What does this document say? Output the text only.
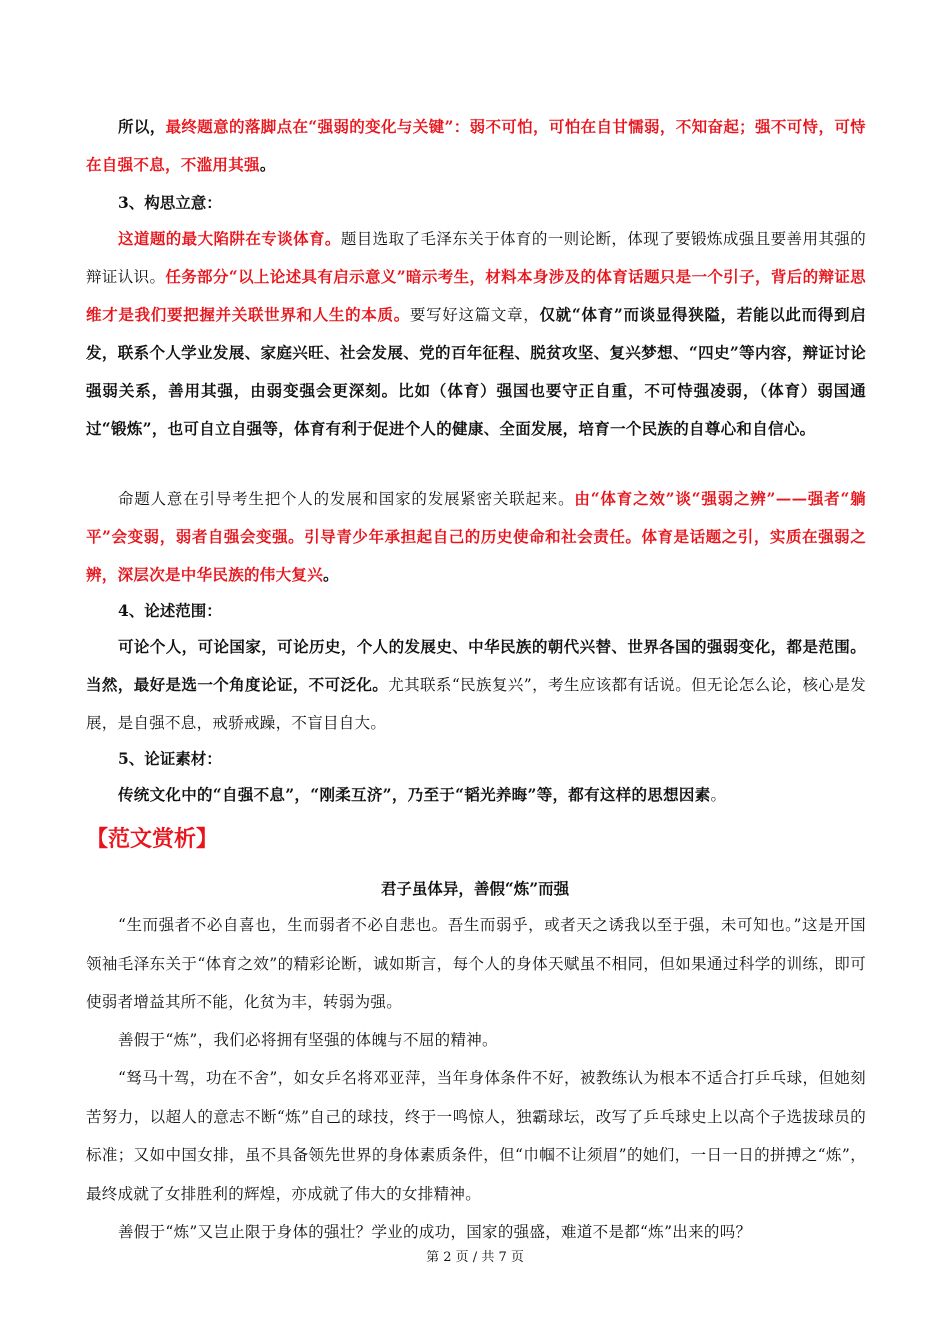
所以，最终题意的落脚点在“强弱的变化与关键”：弱不可怕，可怕在自甘懦弱，不知奋起；强不可恃，可恃在自强不息，不滥用其强。

3、构思立意：

这道题的最大陷阱在专谈体育。题目选取了毛泽东关于体育的一则论断，体现了要锻炼成强且要善用其强的辩证认识。任务部分“以上论述具有启示意义”暗示考生，材料本身涉及的体育话题只是一个引子，背后的辩证思维才是我们要把握并关联世界和人生的本质。要写好这篇文章，仅就“体育”而谈显得狭隘，若能以此而得到启发，联系个人学业发展、家庭兴旺、社会发展、党的百年征程、脱贫攻坚、复兴梦想、“四史”等内容，辩证讨论强弱关系，善用其强，由弱变强会更深刻。比如（体育）强国也要守正自重，不可恃强凌弱，（体育）弱国通过“锻炼”，也可自立自强等，体育有利于促进个人的健康、全面发展，培育一个民族的自尊心和自信心。

命题人意在引导考生把个人的发展和国家的发展紧密关联起来。由“体育之效”谈“强弱之辨”——强者“躺平”会变弱，弱者自强会变强。引导青少年承担起自己的历史使命和社会责任。体育是话题之引，实质在强弱之辨，深层次是中华民族的伟大复兴。

4、论述范围：

可论个人，可论国家，可论历史，个人的发展史、中华民族的朝代兴替、世界各国的强弱变化，都是范围。当然，最好是选一个角度论证，不可泛化。尤其联系“民族复兴”，考生应该都有话说。但无论怎么论，核心是发展，是自强不息，戒骄戒躁，不盲目自大。

5、论证素材：

传统文化中的“自强不息”，“刚柔互济”，乃至于“韬光养晦”等，都有这样的思想因素。

【范文赏析】

君子虽体异，善假“炼”而强

“生而强者不必自喜也，生而弱者不必自悲也。吾生而弱乎，或者天之诱我以至于强，未可知也。”这是开国领袖毛泽东关于“体育之效”的精彩论断，诚如斯言，每个人的身体天赋虽不相同，但如果通过科学的训练，即可使弱者增益其所不能，化贫为丰，转弱为强。

善假于“炼”，我们必将拥有坚强的体魄与不屈的精神。

“驽马十驾，功在不舍”，如女乒名将邓亚萍，当年身体条件不好，被教练认为根本不适合打乒乓球，但她刻苦努力，以超人的意志不断“炼”自己的球技，终于一鸣惊人，独霸球坛，改写了乒乓球史上以高个子选拔球员的标准；又如中国女排，虽不具备领先世界的身体素质条件，但“巾帼不让须眉”的她们，一日一日的拼搏之“炼”，最终成就了女排胜利的辉煌，亦成就了伟大的女排精神。

善假于“炼”又岂止限于身体的强壮？学业的成功，国家的强盛，难道不是都“炼”出来的吗？

第 2 页 / 共 7 页
